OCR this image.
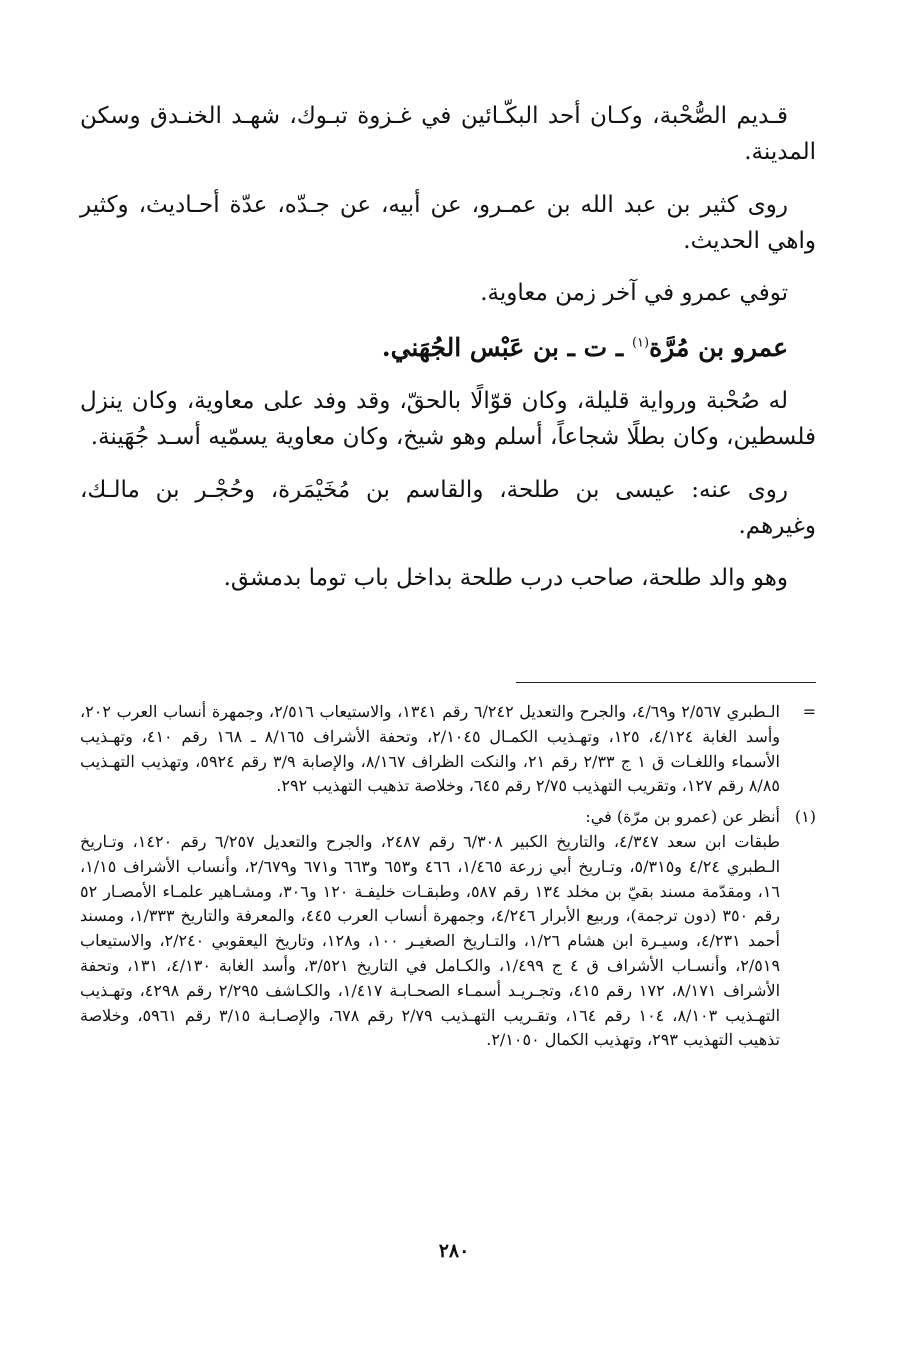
قـديم الصُّحْبة، وكـان أحد البكّـائين في غـزوة تبـوك، شهـد الخنـدق وسكن المدينة.

روى كثير بن عبد الله بن عمـرو، عن أبيه، عن جـدّه، عدّة أحـاديث، وكثير واهي الحديث.

توفي عمرو في آخر زمن معاوية.

عمرو بن مُرَّة$^{(١)}$ ـ ت ـ بن عَبْس الجُهَني.

له صُحْبة ورواية قليلة، وكان قوّالًا بالحقّ، وقد وفد على معاوية، وكان ينزل فلسطين، وكان بطلًا شجاعاً، أسلم وهو شيخ، وكان معاوية يسمّيه أسـد جُهَينة.

روى عنه: عيسى بن طلحة، والقاسم بن مُخَيْمَرة، وحُجْـر بن مالـك، وغيرهم.

وهو والد طلحة، صاحب درب طلحة بداخل باب توما بدمشق.

=
الـطبري ٢/٥٦٧ و٤/٦٩، والجرح والتعديل ٦/٢٤٢ رقم ١٣٤١، والاستيعاب ٢/٥١٦، وجمهرة أنساب العرب ٢٠٢، وأسد الغابة ٤/١٢٤، ١٢٥، وتهـذيب الكمـال ٢/١٠٤٥، وتحفة الأشراف ٨/١٦٥ ـ ١٦٨ رقم ٤١٠، وتهـذيب الأسماء واللغـات ق ١ ج ٢/٣٣ رقم ٢١، والنكت الظراف ٨/١٦٧، والإصابة ٣/٩ رقم ٥٩٢٤، وتهذيب التهـذيب ٨/٨٥ رقم ١٢٧، وتقريب التهذيب ٢/٧٥ رقم ٦٤٥، وخلاصة تذهيب التهذيب ٢٩٢.
(١)
أنظر عن (عمرو بن مرّة) في:
طبقات ابن سعد ٤/٣٤٧، والتاريخ الكبير ٦/٣٠٨ رقم ٢٤٨٧، والجرح والتعديل ٦/٢٥٧ رقم ١٤٢٠، وتـاريخ الـطبري ٤/٢٤ و٥/٣١٥، وتـاريخ أبي زرعة ١/٤٦٥، ٤٦٦ و٦٥٣ و٦٦٣ و٦٧١ و٢/٦٧٩، وأنساب الأشراف ١/١٥، ١٦، ومقدّمة مسند بقيّ بن مخلد ١٣٤ رقم ٥٨٧، وطبقـات خليفـة ١٢٠ و٣٠٦، ومشـاهير علمـاء الأمصـار ٥٢ رقم ٣٥٠ (دون ترجمة)، وربيع الأبرار ٤/٢٤٦، وجمهرة أنساب العرب ٤٤٥، والمعرفة والتاريخ ١/٣٣٣، ومسند أحمد ٤/٢٣١، وسيـرة ابن هشام ١/٢٦، والتـاريخ الصغيـر ١٠٠، و١٢٨، وتاريخ اليعقوبي ٢/٢٤٠، والاستيعاب ٢/٥١٩، وأنسـاب الأشراف ق ٤ ج ١/٤٩٩، والكـامل في التاريخ ٣/٥٢١، وأسد الغابة ٤/١٣٠، ١٣١، وتحفة الأشراف ٨/١٧١، ١٧٢ رقم ٤١٥، وتجـريـد أسمـاء الصحـابـة ١/٤١٧، والكـاشف ٢/٢٩٥ رقم ٤٢٩٨، وتهـذيب التهـذيب ٨/١٠٣، ١٠٤ رقم ١٦٤، وتقـريب التهـذيب ٢/٧٩ رقم ٦٧٨، والإصـابـة ٣/١٥ رقم ٥٩٦١، وخلاصة تذهيب التهذيب ٢٩٣، وتهذيب الكمال ٢/١٠٥٠.
٢٨٠
